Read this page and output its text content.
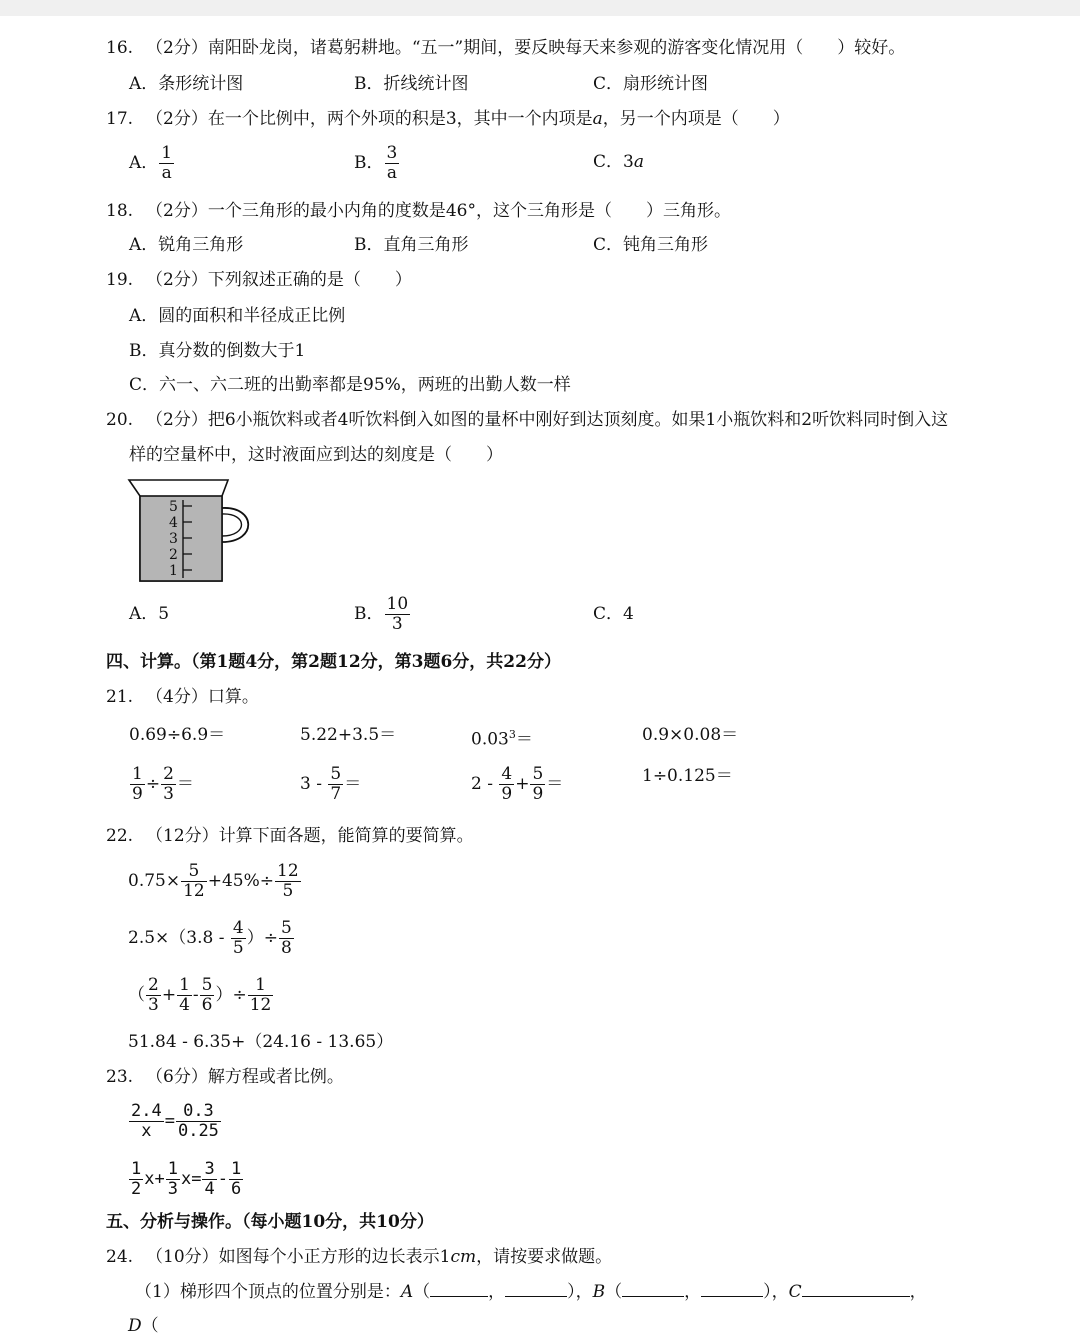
16. （2分）南阳卧龙岗，诸葛躬耕地。“五一”期间，要反映每天来参观的游客变化情况用（　　）较好。
A．条形统计图	B．折线统计图	C．扇形统计图
17. （2分）在一个比例中，两个外项的积是3，其中一个内项是a，另一个内项是（　　）
A． $\frac{1}{a}$	B． $\frac{3}{a}$	C．3a
18. （2分）一个三角形的最小内角的度数是46°，这个三角形是（　　）三角形。
A．锐角三角形	B．直角三角形	C．钝角三角形
19. （2分）下列叙述正确的是（　　）
A．圆的面积和半径成正比例
B．真分数的倒数大于1
C．六一、六二班的出勤率都是95%，两班的出勤人数一样
20. （2分）把6小瓶饮料或者4听饮料倒入如图的量杯中刚好到达顶刻度。如果1小瓶饮料和2听饮料同时倒入这
样的空量杯中，这时液面应到达的刻度是（　　）
5
4
3
2
1
A．5	B． $\frac{10}{3}$	C．4
四、计算。（第1题4分，第2题12分，第3题6分，共22分）
21. （4分）口算。
0.69÷6.9＝	5.22+3.5＝	$0.03^3=$	0.9×0.08＝
$\frac{1}{9} \div \frac{2}{3}$ ＝	$3 - \frac{5}{7}$ ＝	$2 - \frac{4}{9} + \frac{5}{9}$ ＝	1÷0.125＝
22. （12分）计算下面各题，能简算的要简算。
$0.75\times \frac{5}{12} +45\%\div \frac{12}{5}$
$2.5\times(3.8 - \frac{4}{5}$ ）÷ $\frac{5}{8}$
（ $\frac{2}{3} + \frac{1}{4} - \frac{5}{6}$ ）÷ $\frac{1}{12}$
51.84 - 6.35+（24.16 - 13.65）
23. （6分）解方程或者比例。
$\frac{2.4}{x} = \frac{0.3}{0.25}$
$\frac{1}{2} x+ \frac{1}{3} x= \frac{3}{4} - \frac{1}{6}$
五、分析与操作。（每小题10分，共10分）
24. （10分）如图每个小正方形的边长表示1cm，请按要求做题。
（1）梯形四个顶点的位置分别是：A（	，	），B（	，	），C	，
D（
